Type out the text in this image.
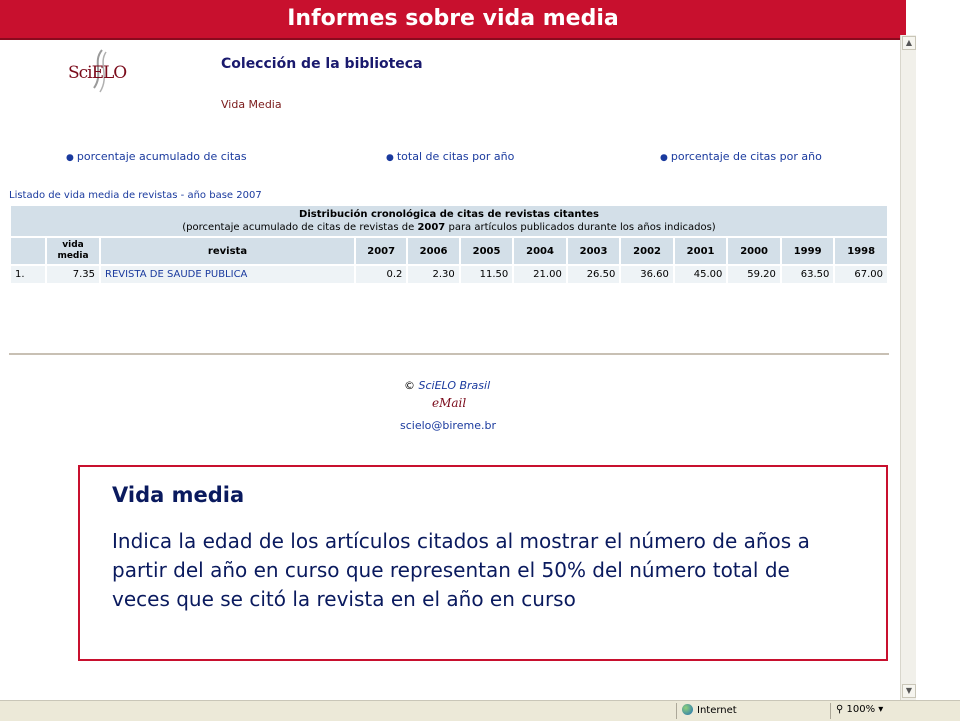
Informes sobre vida media
▲
▼
SciELO	Colección de la biblioteca
Vida Media
● porcentaje acumulado de citas	● total de citas por año	● porcentaje de citas por año
Listado de vida media de revistas - año base 2007
Distribución cronológica de citas de revistas citantes
(porcentaje acumulado de citas de revistas de 2007 para artículos publicados durante los años indicados)												
	vida media	revista	2007	2006	2005	2004	2003	2002	2001	2000	1999	1998
1.	7.35	REVISTA DE SAUDE PUBLICA	0.2	2.30	11.50	21.00	26.50	36.60	45.00	59.20	63.50	67.00
© SciELO Brasil
eMail
scielo@bireme.br
Vida media
Indica la edad de los artículos citados al mostrar el número de años a partir del año en curso que representan el 50% del número total de veces que se citó la revista en el año en curso
Internet	⚲ 100% ▾
